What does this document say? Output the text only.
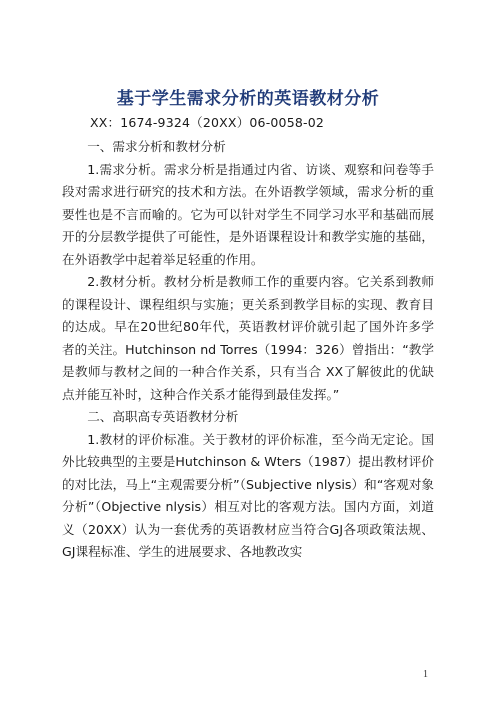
基于学生需求分析的英语教材分析
XX：1674-9324（20XX）06-0058-02

一、需求分析和教材分析

1.需求分析。需求分析是指通过内省、访谈、观察和问卷等手段对需求进行研究的技术和方法。在外语教学领域，需求分析的重要性也是不言而喻的。它为可以针对学生不同学习水平和基础而展开的分层教学提供了可能性，是外语课程设计和教学实施的基础，在外语教学中起着举足轻重的作用。

2.教材分析。教材分析是教师工作的重要内容。它关系到教师的课程设计、课程组织与实施；更关系到教学目标的实现、教育目的达成。早在20世纪80年代，英语教材评价就引起了国外许多学者的关注。Hutchinson nd Torres（1994：326）曾指出：“教学是教师与教材之间的一种合作关系，只有当合 XX了解彼此的优缺点并能互补时，这种合作关系才能得到最佳发挥。”

二、高职高专英语教材分析

1.教材的评价标准。关于教材的评价标准，至今尚无定论。国外比较典型的主要是Hutchinson & Wters（1987）提出教材评价的对比法，马上“主观需要分析”（Subjective nlysis）和“客观对象分析”（Objective nlysis）相互对比的客观方法。国内方面，刘道义（20XX）认为一套优秀的英语教材应当符合GJ各项政策法规、GJ课程标准、学生的进展要求、各地教改实

1
